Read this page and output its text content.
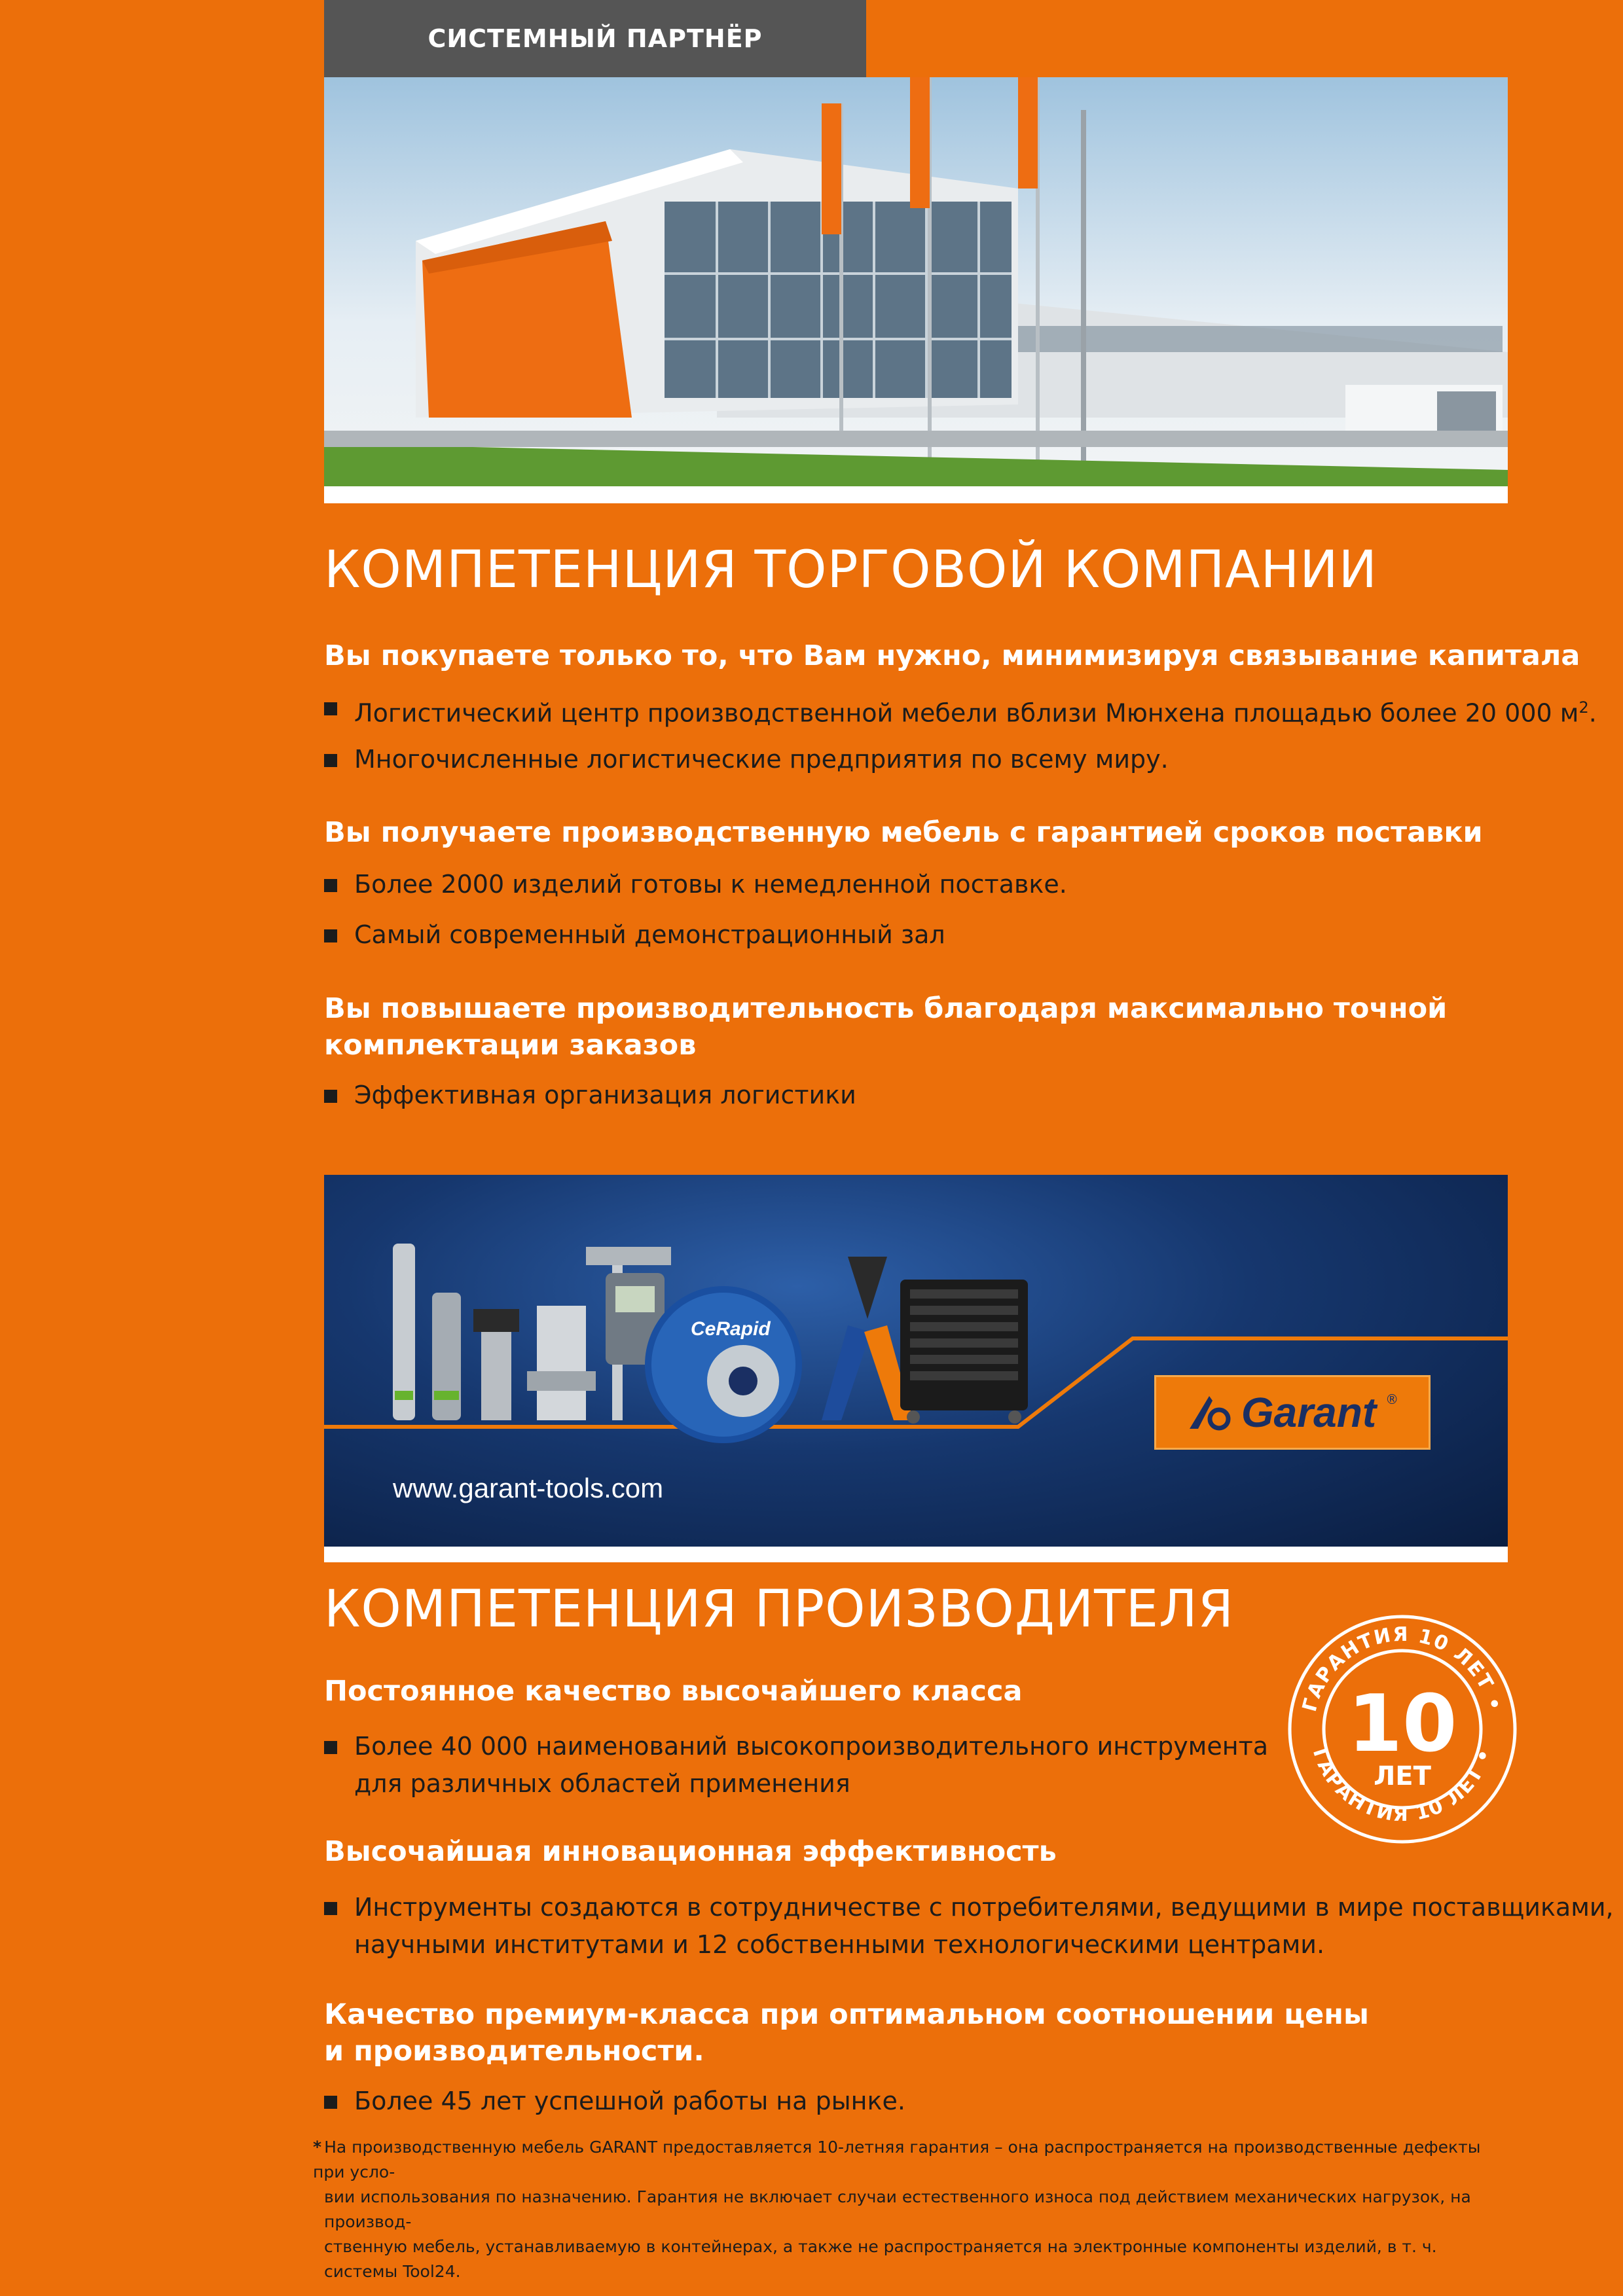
СИСТЕМНЫЙ ПАРТНЁР
КОМПЕТЕНЦИЯ ТОРГОВОЙ КОМПАНИИ
Вы покупаете только то, что Вам нужно, минимизируя связывание капитала
Логистический центр производственной мебели вблизи Мюнхена площадью более 20 000 $м^2$.
Многочисленные логистические предприятия по всему миру.
Вы получаете производственную мебель с гарантией сроков поставки
Более 2000 изделий готовы к немедленной поставке.
Самый современный демонстрационный зал
Вы повышаете производительность благодаря максимально точной
комплектации заказов
Эффективная организация логистики
CeRapid
www.garant-tools.com
Garant ®
КОМПЕТЕНЦИЯ ПРОИЗВОДИТЕЛЯ
Постоянное качество высочайшего класса
Более 40 000 наименований высокопроизводительного инструмента
для различных областей применения
Высочайшая инновационная эффективность
Инструменты создаются в сотрудничестве с потребителями, ведущими в мире поставщиками,
научными институтами и 12 собственными технологическими центрами.
Качество премиум-класса при оптимальном соотношении цены
и производительности.
Более 45 лет успешной работы на рынке.
ГАРАНТИЯ 10 ЛЕТ •
ГАРАНТИЯ 10 ЛЕТ •
10
ЛЕТ
* На производственную мебель GARANT предоставляется 10-летняя гарантия – она распространяется на производственные дефекты при усло-
вии использования по назначению. Гарантия не включает случаи естественного износа под действием механических нагрузок, на производ-
ственную мебель, устанавливаемую в контейнерах, а также не распространяется на электронные компоненты изделий, в т. ч. системы Tool24.
